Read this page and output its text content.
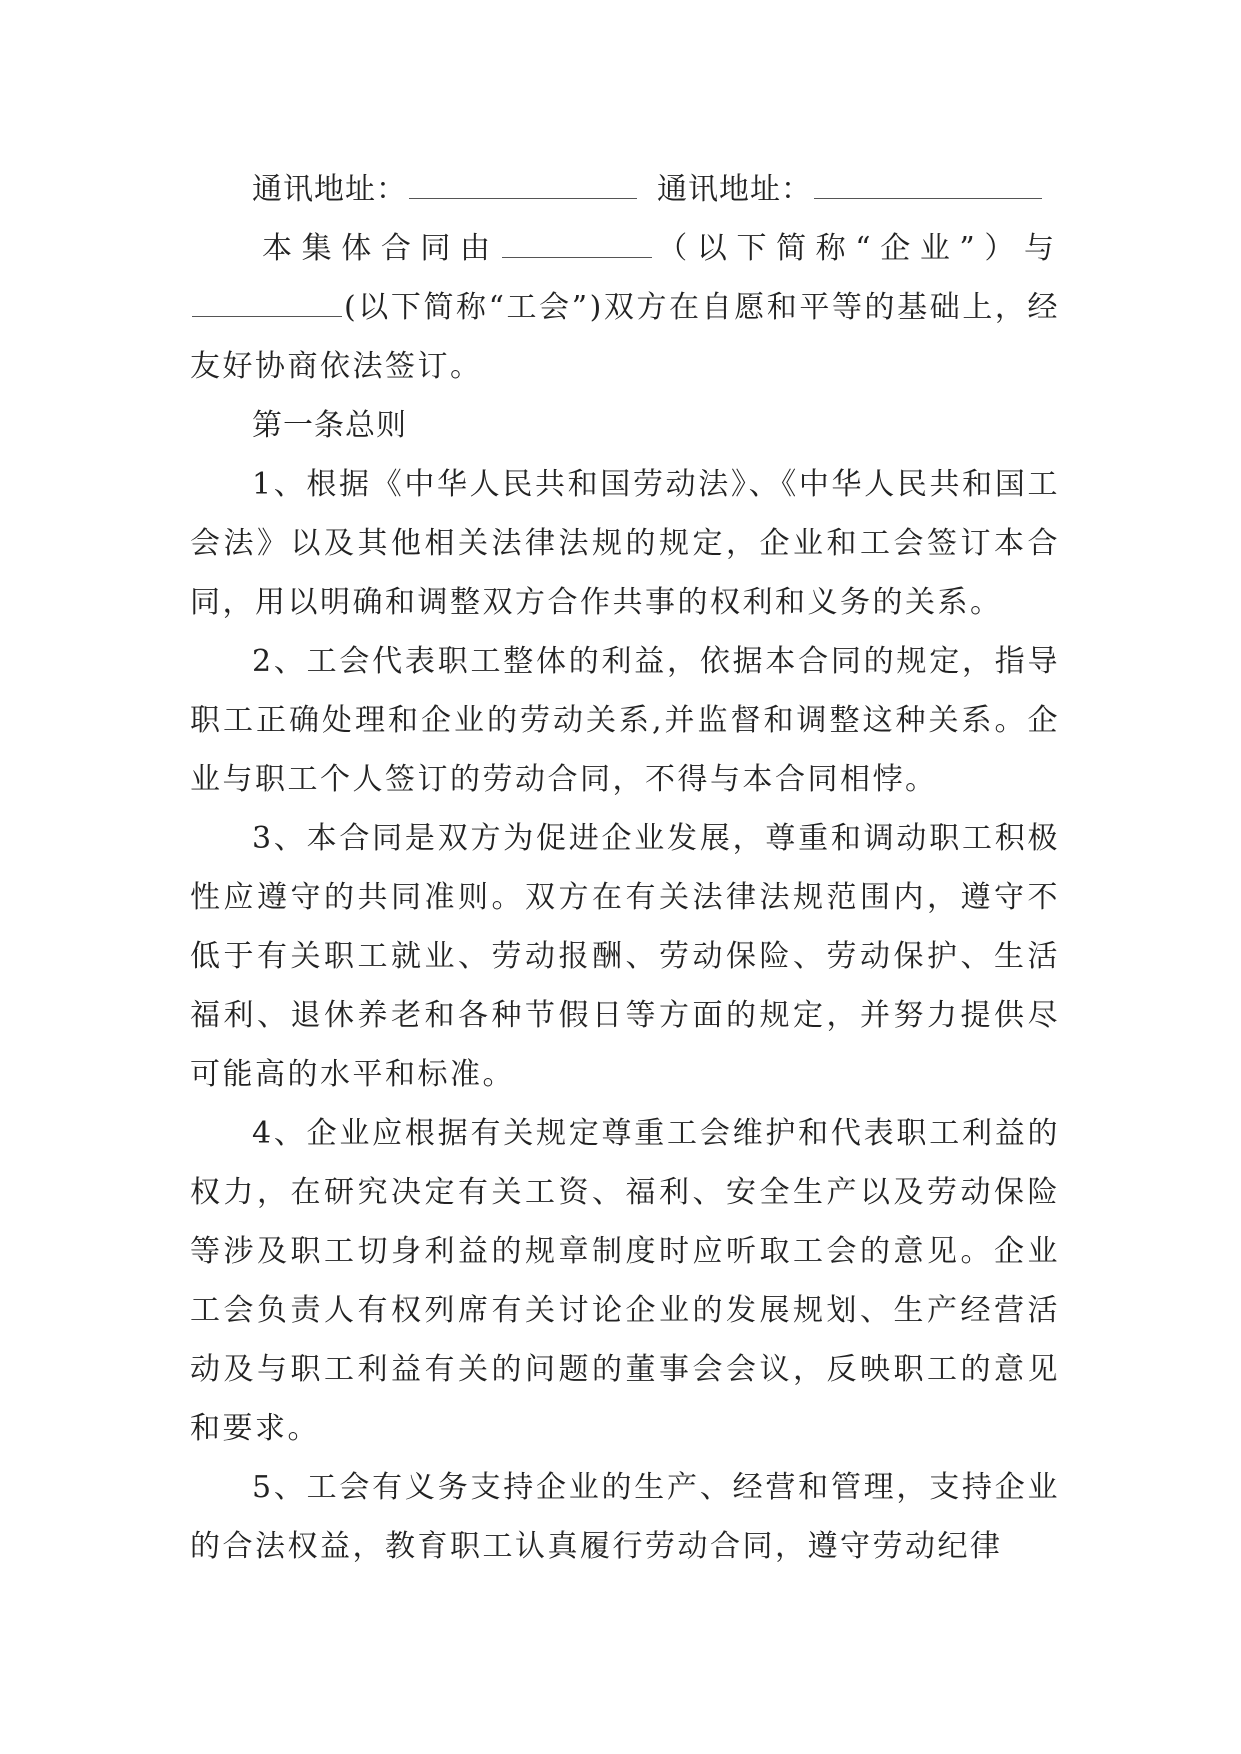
通讯地址：	通讯地址：

本集体合同由	（以下简称“企业”）与(以下简称“工会”)双方在自愿和平等的基础上，经友好协商依法签订。

第一条总则

1、根据《中华人民共和国劳动法》、《中华人民共和国工会法》以及其他相关法律法规的规定，企业和工会签订本合同，用以明确和调整双方合作共事的权利和义务的关系。

2、工会代表职工整体的利益，依据本合同的规定，指导职工正确处理和企业的劳动关系,并监督和调整这种关系。企业与职工个人签订的劳动合同，不得与本合同相悖。

3、本合同是双方为促进企业发展，尊重和调动职工积极性应遵守的共同准则。双方在有关法律法规范围内，遵守不低于有关职工就业、劳动报酬、劳动保险、劳动保护、生活福利、退休养老和各种节假日等方面的规定，并努力提供尽可能高的水平和标准。

4、企业应根据有关规定尊重工会维护和代表职工利益的权力，在研究决定有关工资、福利、安全生产以及劳动保险等涉及职工切身利益的规章制度时应听取工会的意见。企业工会负责人有权列席有关讨论企业的发展规划、生产经营活动及与职工利益有关的问题的董事会会议，反映职工的意见和要求。

5、工会有义务支持企业的生产、经营和管理，支持企业的合法权益，教育职工认真履行劳动合同，遵守劳动纪律
